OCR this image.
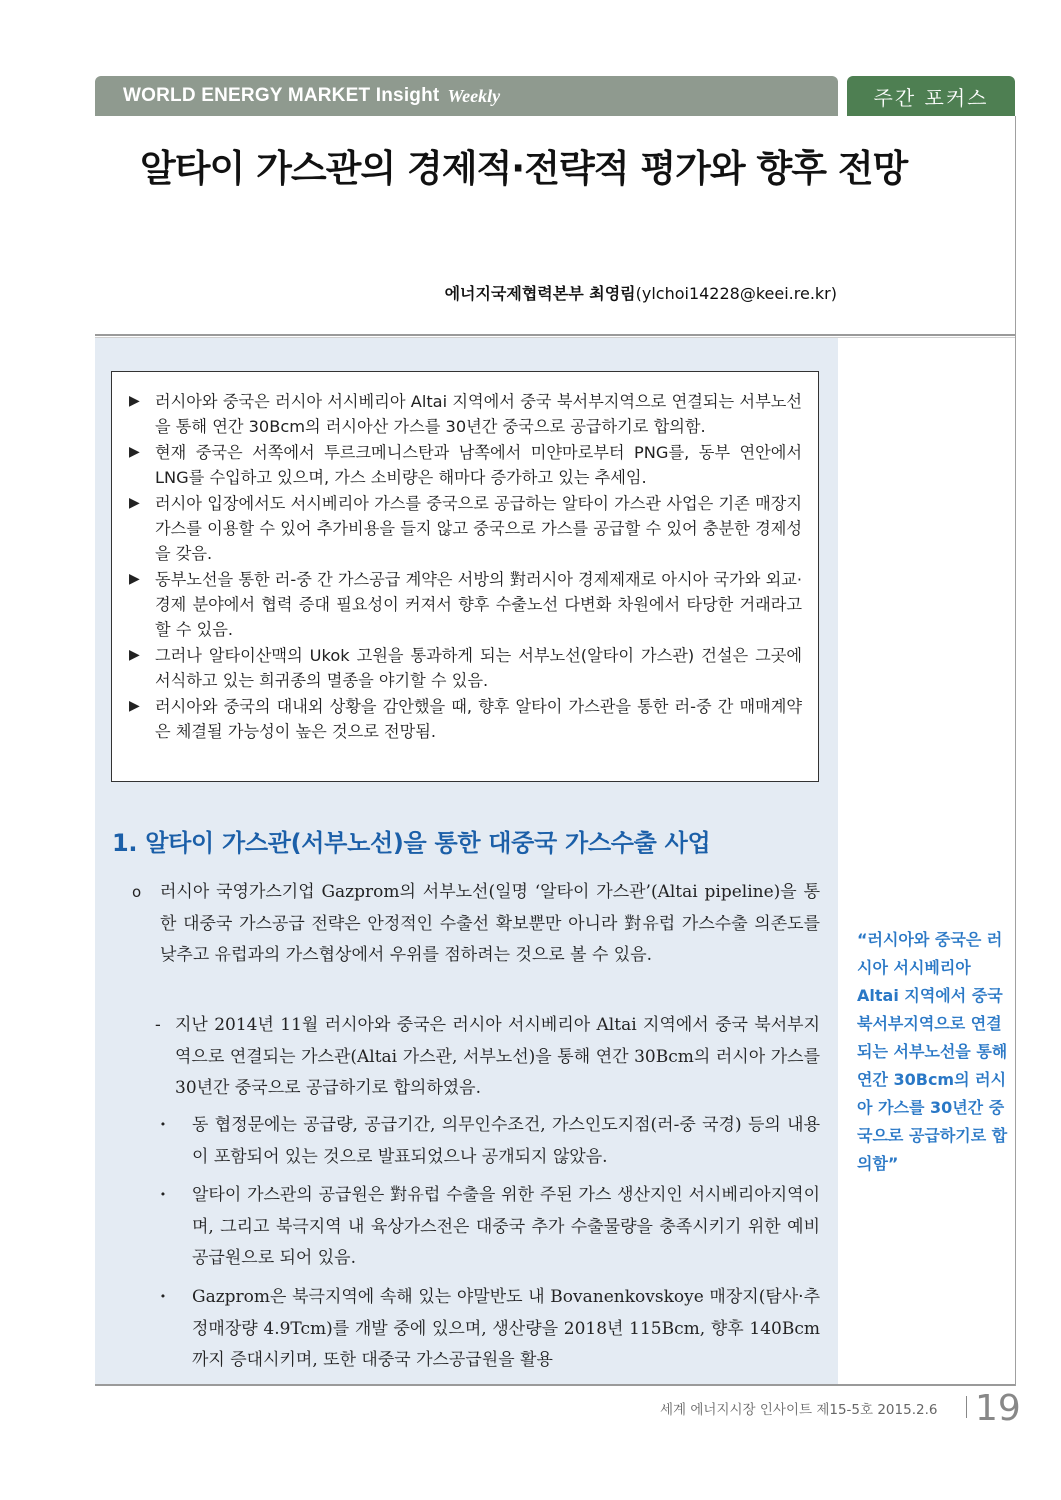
WORLD ENERGY MARKET Insight Weekly	주간 포커스
알타이 가스관의 경제적·전략적 평가와 향후 전망
에너지국제협력본부 최영림(ylchoi14228@keei.re.kr)
▶ 러시아와 중국은 러시아 서시베리아 Altai 지역에서 중국 북서부지역으로 연결되는 서부노선을 통해 연간 30Bcm의 러시아산 가스를 30년간 중국으로 공급하기로 합의함.
▶ 현재 중국은 서쪽에서 투르크메니스탄과 남쪽에서 미얀마로부터 PNG를, 동부 연안에서 LNG를 수입하고 있으며, 가스 소비량은 해마다 증가하고 있는 추세임.
▶ 러시아 입장에서도 서시베리아 가스를 중국으로 공급하는 알타이 가스관 사업은 기존 매장지 가스를 이용할 수 있어 추가비용을 들지 않고 중국으로 가스를 공급할 수 있어 충분한 경제성을 갖음.
▶ 동부노선을 통한 러-중 간 가스공급 계약은 서방의 對러시아 경제제재로 아시아 국가와 외교·경제 분야에서 협력 증대 필요성이 커져서 향후 수출노선 다변화 차원에서 타당한 거래라고 할 수 있음.
▶ 그러나 알타이산맥의 Ukok 고원을 통과하게 되는 서부노선(알타이 가스관) 건설은 그곳에 서식하고 있는 희귀종의 멸종을 야기할 수 있음.
▶ 러시아와 중국의 대내외 상황을 감안했을 때, 향후 알타이 가스관을 통한 러-중 간 매매계약은 체결될 가능성이 높은 것으로 전망됨.
1. 알타이 가스관(서부노선)을 통한 대중국 가스수출 사업
o	러시아 국영가스기업 Gazprom의 서부노선(일명 ‘알타이 가스관’(Altai pipeline)을 통한 대중국 가스공급 전략은 안정적인 수출선 확보뿐만 아니라 對유럽 가스수출 의존도를 낮추고 유럽과의 가스협상에서 우위를 점하려는 것으로 볼 수 있음.
- 지난 2014년 11월 러시아와 중국은 러시아 서시베리아 Altai 지역에서 중국 북서부지역으로 연결되는 가스관(Altai 가스관, 서부노선)을 통해 연간 30Bcm의 러시아 가스를 30년간 중국으로 공급하기로 합의하였음.
·	동 협정문에는 공급량, 공급기간, 의무인수조건, 가스인도지점(러-중 국경) 등의 내용이 포함되어 있는 것으로 발표되었으나 공개되지 않았음.
·	알타이 가스관의 공급원은 對유럽 수출을 위한 주된 가스 생산지인 서시베리아지역이며, 그리고 북극지역 내 육상가스전은 대중국 추가 수출물량을 충족시키기 위한 예비 공급원으로 되어 있음.
·	Gazprom은 북극지역에 속해 있는 야말반도 내 Bovanenkovskoye 매장지(탐사·추정매장량 4.9Tcm)를 개발 중에 있으며, 생산량을 2018년 115Bcm, 향후 140Bcm까지 증대시키며, 또한 대중국 가스공급원을 활용

“러시아와 중국은 러시아 서시베리아 Altai 지역에서 중국 북서부지역으로 연결되는 서부노선을 통해 연간 30Bcm의 러시아 가스를 30년간 중국으로 공급하기로 합의함”

세계 에너지시장 인사이트 제15-5호 2015.2.6 19
